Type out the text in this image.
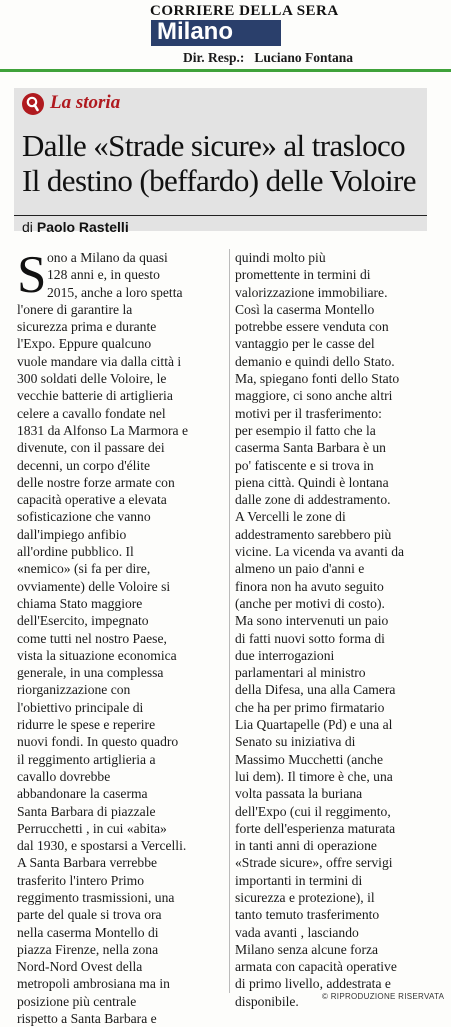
CORRIERE DELLA SERA
Milano
Dir. Resp.: Luciano Fontana
La storia
Dalle «Strade sicure» al trasloco
Il destino (beffardo) delle Voloire
di Paolo Rastelli
S ono a Milano da quasi
128 anni e, in questo
2015, anche a loro spetta
l'onere di garantire la
sicurezza prima e durante
l'Expo. Eppure qualcuno
vuole mandare via dalla città i
300 soldati delle Voloire, le
vecchie batterie di artiglieria
celere a cavallo fondate nel
1831 da Alfonso La Marmora e
divenute, con il passare dei
decenni, un corpo d'élite
delle nostre forze armate con
capacità operative a elevata
sofisticazione che vanno
dall'impiego anfibio
all'ordine pubblico. Il
«nemico» (si fa per dire,
ovviamente) delle Voloire si
chiama Stato maggiore
dell'Esercito, impegnato
come tutti nel nostro Paese,
vista la situazione economica
generale, in una complessa
riorganizzazione con
l'obiettivo principale di
ridurre le spese e reperire
nuovi fondi. In questo quadro
il reggimento artiglieria a
cavallo dovrebbe
abbandonare la caserma
Santa Barbara di piazzale
Perrucchetti , in cui «abita»
dal 1930, e spostarsi a Vercelli.
A Santa Barbara verrebbe
trasferito l'intero Primo
reggimento trasmissioni, una
parte del quale si trova ora
nella caserma Montello di
piazza Firenze, nella zona
Nord-Nord Ovest della
metropoli ambrosiana ma in
posizione più centrale
rispetto a Santa Barbara e
quindi molto più
promettente in termini di
valorizzazione immobiliare.
Così la caserma Montello
potrebbe essere venduta con
vantaggio per le casse del
demanio e quindi dello Stato.
Ma, spiegano fonti dello Stato
maggiore, ci sono anche altri
motivi per il trasferimento:
per esempio il fatto che la
caserma Santa Barbara è un
po' fatiscente e si trova in
piena città. Quindi è lontana
dalle zone di addestramento.
A Vercelli le zone di
addestramento sarebbero più
vicine. La vicenda va avanti da
almeno un paio d'anni e
finora non ha avuto seguito
(anche per motivi di costo).
Ma sono intervenuti un paio
di fatti nuovi sotto forma di
due interrogazioni
parlamentari al ministro
della Difesa, una alla Camera
che ha per primo firmatario
Lia Quartapelle (Pd) e una al
Senato su iniziativa di
Massimo Mucchetti (anche
lui dem). Il timore è che, una
volta passata la buriana
dell'Expo (cui il reggimento,
forte dell'esperienza maturata
in tanti anni di operazione
«Strade sicure», offre servigi
importanti in termini di
sicurezza e protezione), il
tanto temuto trasferimento
vada avanti , lasciando
Milano senza alcune forza
armata con capacità operative
di primo livello, addestrata e
disponibile.	© RIPRODUZIONE RISERVATA
